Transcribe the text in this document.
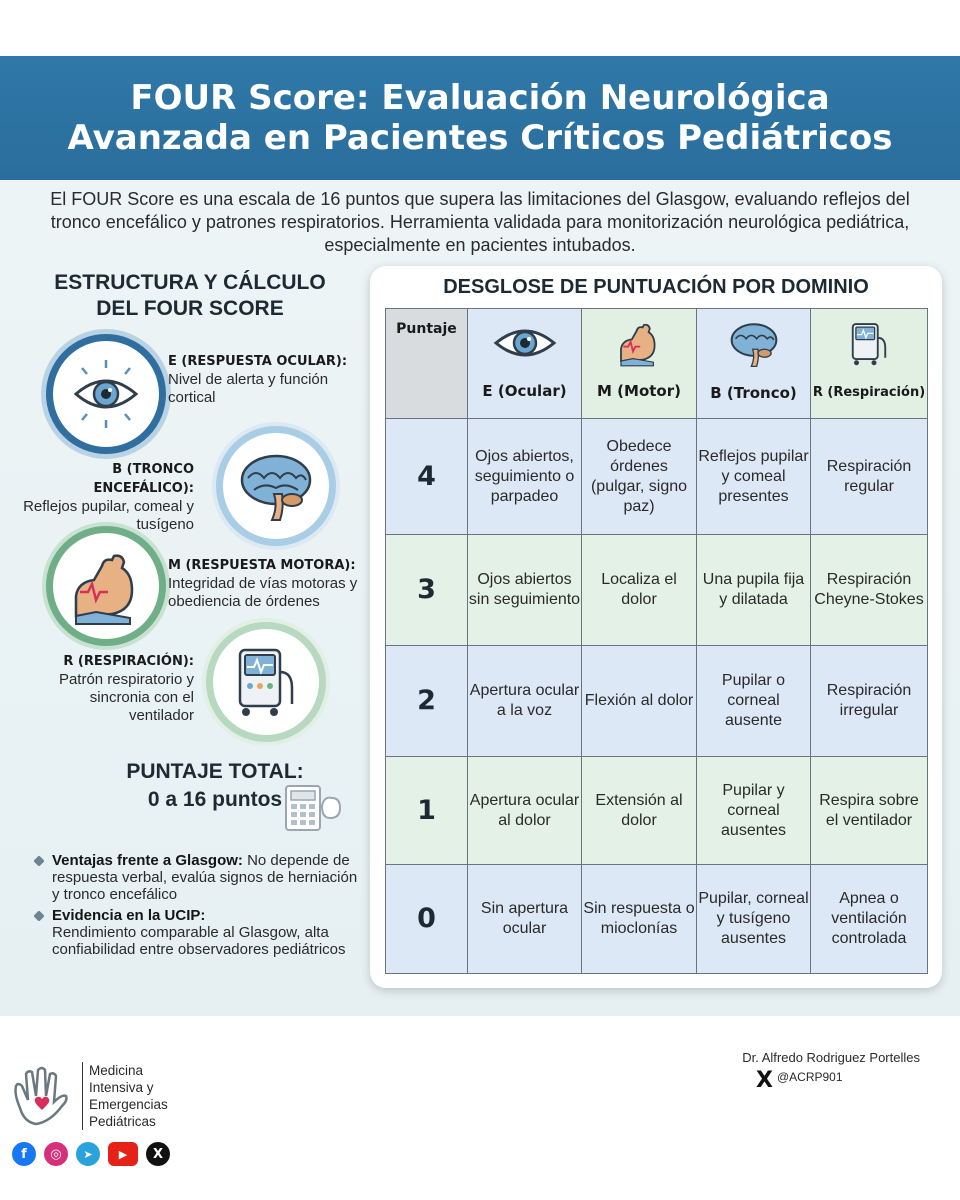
FOUR Score: Evaluación Neurológica
Avanzada en Pacientes Críticos Pediátricos

El FOUR Score es una escala de 16 puntos que supera las limitaciones del Glasgow, evaluando reflejos del tronco encefálico y patrones respiratorios. Herramienta validada para monitorización neurológica pediátrica, especialmente en pacientes intubados.

ESTRUCTURA Y CÁLCULO
DEL FOUR SCORE
E (RESPUESTA OCULAR):
Nivel de alerta y función cortical
B (TRONCO ENCEFÁLICO):
Reflejos pupilar, comeal y tusígeno
M (RESPUESTA MOTORA):
Integridad de vías motoras y obediencia de órdenes
R (RESPIRACIÓN):
Patrón respiratorio y sincronia con el ventilador
PUNTAJE TOTAL:
0 a 16 puntos
Ventajas frente a Glasgow: No depende de respuesta verbal, evalúa signos de herniación y tronco encefálico
Evidencia en la UCIP:
Rendimiento comparable al Glasgow, alta confiabilidad entre observadores pediátricos
DESGLOSE DE PUNTUACIÓN POR DOMINIO
Puntaje	E (Ocular)	M (Motor)	B (Tronco)	R (Respiración)

4	Ojos abiertos, seguimiento o parpadeo	Obedece órdenes (pulgar, signo paz)	Reflejos pupilar y comeal presentes	Respiración regular
3	Ojos abiertos sin seguimiento	Localiza el dolor	Una pupila fija y dilatada	Respiración Cheyne-Stokes
2	Apertura ocular a la voz	Flexión al dolor	Pupilar o corneal ausente	Respiración irregular
1	Apertura ocular al dolor	Extensión al dolor	Pupilar y corneal ausentes	Respira sobre el ventilador
0	Sin apertura ocular	Sin respuesta o mioclonías	Pupilar, corneal y tusígeno ausentes	Apnea o ventilación controlada
Medicina
Intensiva y
Emergencias
Pediátricas
Dr. Alfredo Rodriguez Portelles
X @ACRP901
f	◎	➤	▶	X
